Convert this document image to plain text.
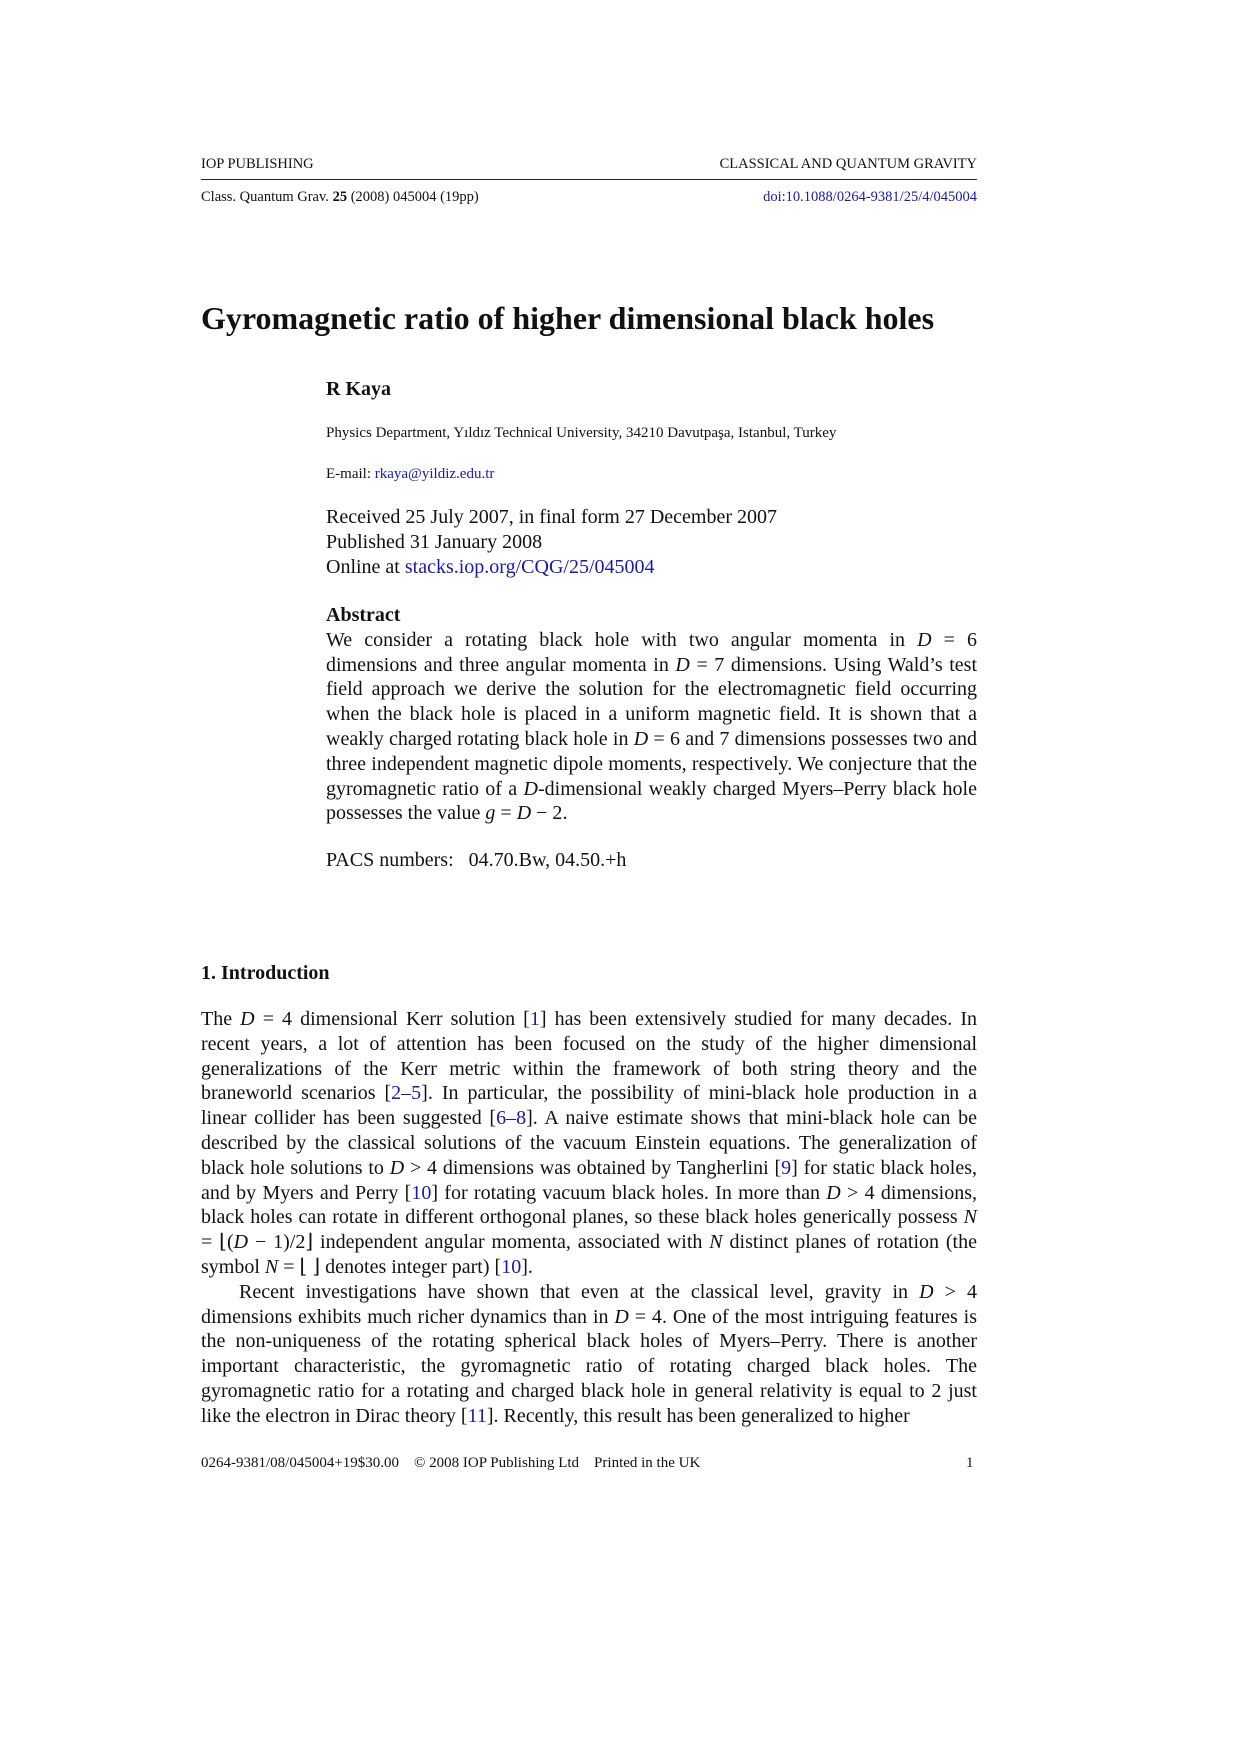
IOP PUBLISHING	CLASSICAL AND QUANTUM GRAVITY
Class. Quantum Grav. 25 (2008) 045004 (19pp)	doi:10.1088/0264-9381/25/4/045004
Gyromagnetic ratio of higher dimensional black holes
R Kaya
Physics Department, Yıldız Technical University, 34210 Davutpaşa, Istanbul, Turkey
E-mail: rkaya@yildiz.edu.tr
Received 25 July 2007, in final form 27 December 2007
Published 31 January 2008
Online at stacks.iop.org/CQG/25/045004
Abstract
We consider a rotating black hole with two angular momenta in D = 6 dimensions and three angular momenta in D = 7 dimensions. Using Wald’s test field approach we derive the solution for the electromagnetic field occurring when the black hole is placed in a uniform magnetic field. It is shown that a weakly charged rotating black hole in D = 6 and 7 dimensions possesses two and three independent magnetic dipole moments, respectively. We conjecture that the gyromagnetic ratio of a D-dimensional weakly charged Myers–Perry black hole possesses the value g = D − 2.
PACS numbers: 04.70.Bw, 04.50.+h
1. Introduction

The D = 4 dimensional Kerr solution [1] has been extensively studied for many decades. In recent years, a lot of attention has been focused on the study of the higher dimensional generalizations of the Kerr metric within the framework of both string theory and the braneworld scenarios [2–5]. In particular, the possibility of mini-black hole production in a linear collider has been suggested [6–8]. A naive estimate shows that mini-black hole can be described by the classical solutions of the vacuum Einstein equations. The generalization of black hole solutions to D > 4 dimensions was obtained by Tangherlini [9] for static black holes, and by Myers and Perry [10] for rotating vacuum black holes. In more than D > 4 dimensions, black holes can rotate in different orthogonal planes, so these black holes generically possess N = ⌊(D − 1)/2⌋ independent angular momenta, associated with N distinct planes of rotation (the symbol N = ⌊ ⌋ denotes integer part) [10].

Recent investigations have shown that even at the classical level, gravity in D > 4 dimensions exhibits much richer dynamics than in D = 4. One of the most intriguing features is the non-uniqueness of the rotating spherical black holes of Myers–Perry. There is another important characteristic, the gyromagnetic ratio of rotating charged black holes. The gyromagnetic ratio for a rotating and charged black hole in general relativity is equal to 2 just like the electron in Dirac theory [11]. Recently, this result has been generalized to higher

0264-9381/08/045004+19$30.00    © 2008 IOP Publishing Ltd    Printed in the UK	1
